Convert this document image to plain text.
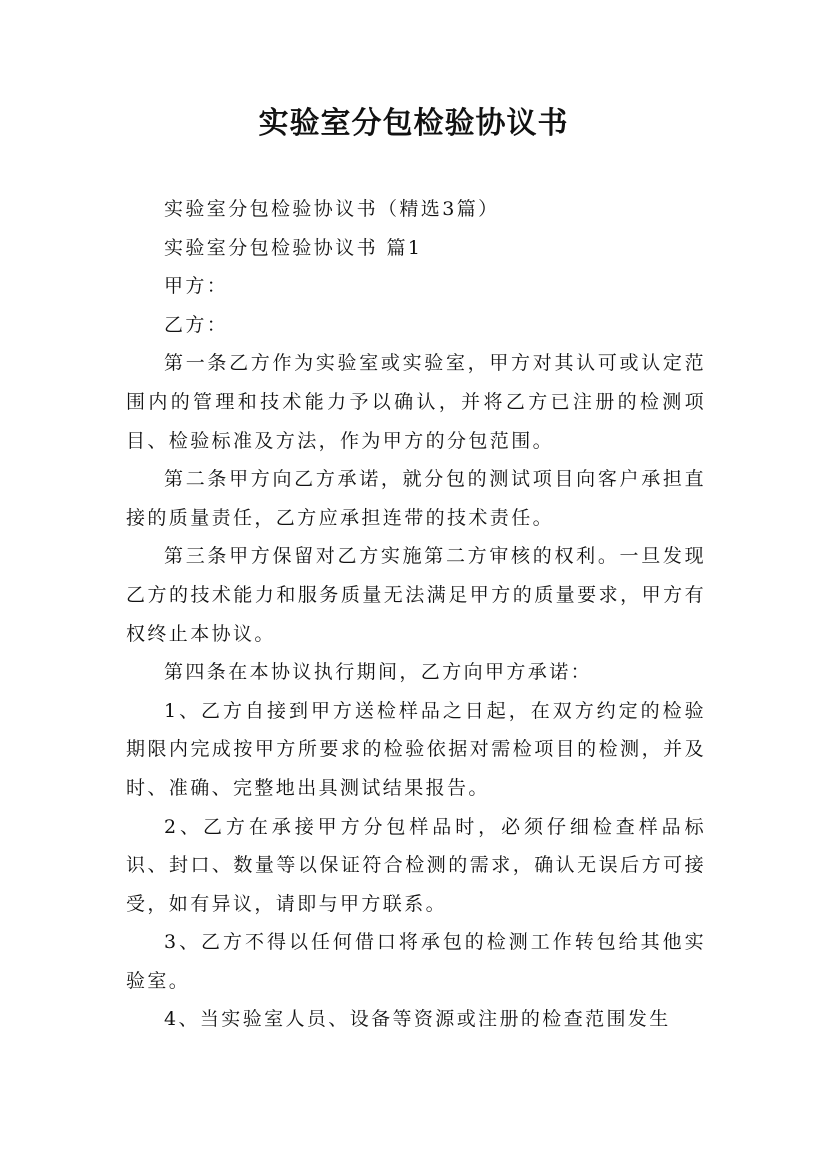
实验室分包检验协议书

实验室分包检验协议书（精选3篇）

实验室分包检验协议书 篇1

甲方：

乙方：

第一条乙方作为实验室或实验室，甲方对其认可或认定范围内的管理和技术能力予以确认，并将乙方已注册的检测项目、检验标准及方法，作为甲方的分包范围。

第二条甲方向乙方承诺，就分包的测试项目向客户承担直接的质量责任，乙方应承担连带的技术责任。

第三条甲方保留对乙方实施第二方审核的权利。一旦发现乙方的技术能力和服务质量无法满足甲方的质量要求，甲方有权终止本协议。

第四条在本协议执行期间，乙方向甲方承诺：

1、乙方自接到甲方送检样品之日起，在双方约定的检验期限内完成按甲方所要求的检验依据对需检项目的检测，并及时、准确、完整地出具测试结果报告。

2、乙方在承接甲方分包样品时，必须仔细检查样品标识、封口、数量等以保证符合检测的需求，确认无误后方可接受，如有异议，请即与甲方联系。

3、乙方不得以任何借口将承包的检测工作转包给其他实验室。

4、当实验室人员、设备等资源或注册的检查范围发生
